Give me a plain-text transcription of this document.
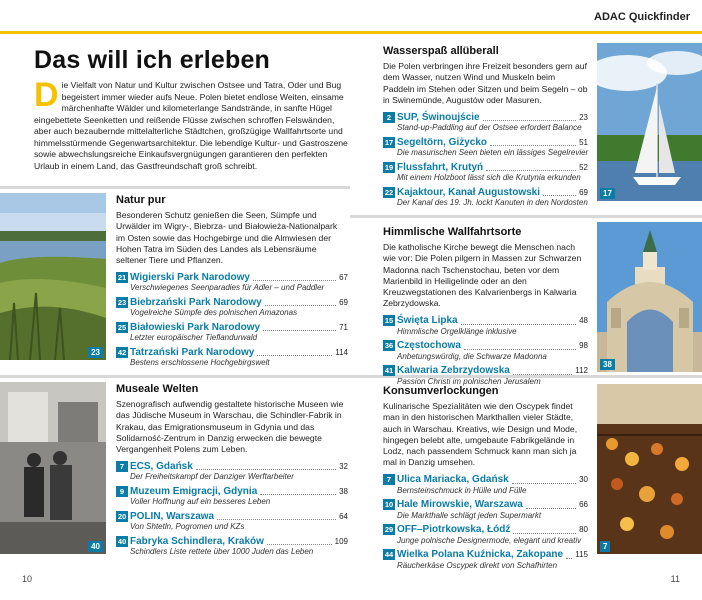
ADAC Quickfinder
Das will ich erleben
D ie Vielfalt von Natur und Kultur zwischen Ostsee und Tatra, Oder und Bug begeistert immer wieder aufs Neue. Polen bietet endlose Weiten, einsame märchenhafte Wälder und kilometerlange Sandstrände, in sanfte Hügel eingebettete Seenketten und reißende Flüsse zwischen schroffen Felswänden, aber auch bezaubernde mittelalterliche Städtchen, großzügige Wallfahrtsorte und himmelsstürmende Gegenwartsarchitektur. Die lebendige Kultur- und Gastroszene sowie abwechslungsreiche Einkaufsvergnügungen garantieren den perfekten Urlaub in einem Land, das Gastfreundschaft groß schreibt.
23
Natur pur
Besonderen Schutz genießen die Seen, Sümpfe und Urwälder im Wigry-, Biebrza- und Białowieża-Nationalpark im Osten sowie das Hochgebirge und die Almwiesen der Hohen Tatra im Süden des Landes als Lebensräume seltener Tiere und Pflanzen.
21 Wigierski Park Narodowy	67
Verschwiegenes Seenparadies für Adler – und Paddler
23 Biebrzański Park Narodowy	69
Vogelreiche Sümpfe des polnischen Amazonas
25 Białowieski Park Narodowy	71
Letzter europäischer Tieflandurwald
42 Tatrzański Park Narodowy	114
Bestens erschlossene Hochgebirgswelt
40
Museale Welten
Szenografisch aufwendig gestaltete historische Museen wie das Jüdische Museum in Warschau, die Schindler-Fabrik in Krakau, das Emigrationsmuseum in Gdynia und das Solidarność-Zentrum in Danzig erwecken die bewegte Vergangenheit Polens zum Leben.
7 ECS, Gdańsk	32
Der Freiheitskampf der Danziger Werftarbeiter
9 Muzeum Emigracji, Gdynia	38
Voller Hoffnung auf ein besseres Leben
20 POLIN, Warszawa	64
Von Shtetln, Pogromen und KZs
40 Fabryka Schindlera, Kraków	109
Schindlers Liste rettete über 1000 Juden das Leben
Wasserspaß allüberall
Die Polen verbringen ihre Freizeit besonders gern auf dem Wasser, nutzen Wind und Muskeln beim Paddeln im Stehen oder Sitzen und beim Segeln – ob in Swinemünde, Augustów oder Masuren.
2 SUP, Świnoujście	23
Stand-up-Paddling auf der Ostsee erfordert Balance
17 Segeltörn, Giżycko	51
Die masurischen Seen bieten ein lässiges Segelrevier
19 Flussfahrt, Krutyń	52
Mit einem Holzboot lässt sich die Krutynia erkunden
22 Kajaktour, Kanał Augustowski	69
Der Kanal des 19. Jh. lockt Kanuten in den Nordosten
17
Himmlische Wallfahrtsorte
Die katholische Kirche bewegt die Menschen nach wie vor: Die Polen pilgern in Massen zur Schwarzen Madonna nach Tschenstochau, beten vor dem Marienbild in Heiligelinde oder an den Kreuzwegstationen des Kalvarienbergs in Kalwaria Zebrzydowska.
15 Święta Lipka	48
Himmlische Orgelklänge inklusive
36 Częstochowa	98
Anbetungswürdig, die Schwarze Madonna
41 Kalwaria Zebrzydowska	112
Passion Christi im polnischen Jerusalem
38
Konsumverlockungen
Kulinarische Spezialitäten wie den Oscypek findet man in den historischen Markthallen vieler Städte, auch in Warschau. Kreativs, wie Design und Mode, hingegen belebt alte, umgebaute Fabrikgelände in Lodz, nach passendem Schmuck kann man sich ja mal in Danzig umsehen.
7 Ulica Mariacka, Gdańsk	30
Bernsteinschmuck in Hülle und Fülle
10 Hale Mirowskie, Warszawa	66
Die Markthalle schlägt jeden Supermarkt
29 OFF–Piotrkowska, Łódź	80
Junge polnische Designermode, elegant und kreativ
44 Wielka Polana Kuźnicka, Zakopane 115
Räucherkäse Oscypek direkt von Schafhirten
7
10	11
